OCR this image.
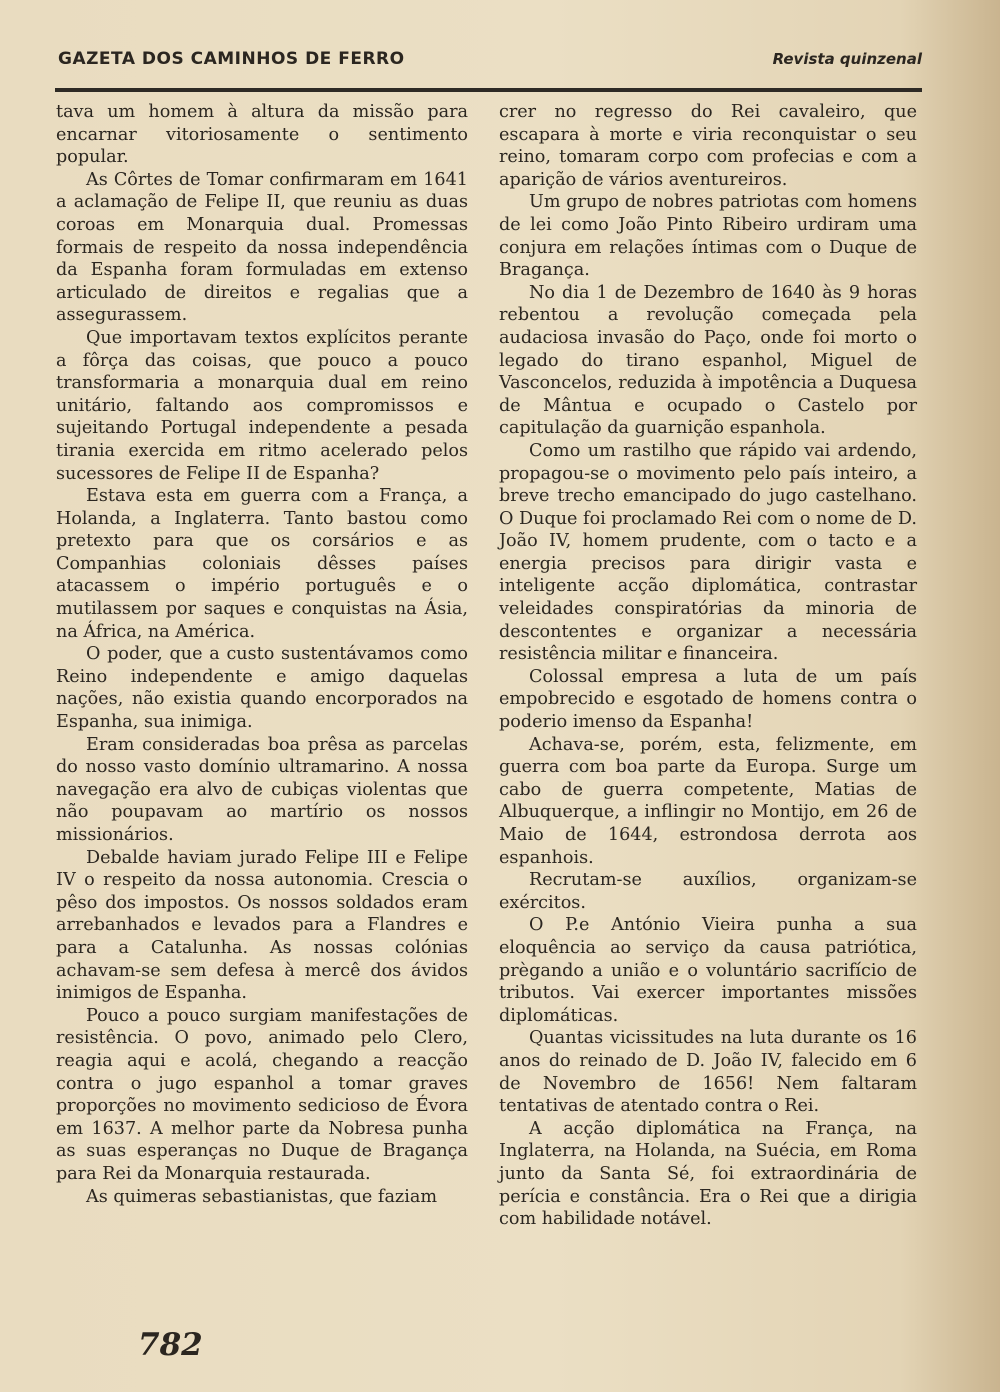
GAZETA DOS CAMINHOS DE FERRO	Revista quinzenal

tava um homem à altura da missão para encarnar vitoriosamente o sentimento popular.

As Côrtes de Tomar confirmaram em 1641 a aclamação de Felipe II, que reuniu as duas coroas em Monarquia dual. Promessas formais de respeito da nossa independência da Espanha foram formuladas em extenso articulado de direitos e regalias que a assegurassem.

Que importavam textos explícitos perante a fôrça das coisas, que pouco a pouco transformaria a monarquia dual em reino unitário, faltando aos compromissos e sujeitando Portugal independente a pesada tirania exercida em ritmo acelerado pelos sucessores de Felipe II de Espanha?

Estava esta em guerra com a França, a Holanda, a Inglaterra. Tanto bastou como pretexto para que os corsários e as Companhias coloniais dêsses países atacassem o império português e o mutilassem por saques e conquistas na Ásia, na África, na América.

O poder, que a custo sustentávamos como Reino independente e amigo daquelas nações, não existia quando encorporados na Espanha, sua inimiga.

Eram consideradas boa prêsa as parcelas do nosso vasto domínio ultramarino. A nossa navegação era alvo de cubiças violentas que não poupavam ao martírio os nossos missionários.

Debalde haviam jurado Felipe III e Felipe IV o respeito da nossa autonomia. Crescia o pêso dos impostos. Os nossos soldados eram arrebanhados e levados para a Flandres e para a Catalunha. As nossas colónias achavam-se sem defesa à mercê dos ávidos inimigos de Espanha.

Pouco a pouco surgiam manifestações de resistência. O povo, animado pelo Clero, reagia aqui e acolá, chegando a reacção contra o jugo espanhol a tomar graves proporções no movimento sedicioso de Évora em 1637. A melhor parte da Nobresa punha as suas esperanças no Duque de Bragança para Rei da Monarquia restaurada.

As quimeras sebastianistas, que faziam

crer no regresso do Rei cavaleiro, que escapara à morte e viria reconquistar o seu reino, tomaram corpo com profecias e com a aparição de vários aventureiros.

Um grupo de nobres patriotas com homens de lei como João Pinto Ribeiro urdiram uma conjura em relações íntimas com o Duque de Bragança.

No dia 1 de Dezembro de 1640 às 9 horas rebentou a revolução começada pela audaciosa invasão do Paço, onde foi morto o legado do tirano espanhol, Miguel de Vasconcelos, reduzida à impotência a Duquesa de Mântua e ocupado o Castelo por capitulação da guarnição espanhola.

Como um rastilho que rápido vai ardendo, propagou-se o movimento pelo país inteiro, a breve trecho emancipado do jugo castelhano. O Duque foi proclamado Rei com o nome de D. João IV, homem prudente, com o tacto e a energia precisos para dirigir vasta e inteligente acção diplomática, contrastar veleidades conspiratórias da minoria de descontentes e organizar a necessária resistência militar e financeira.

Colossal empresa a luta de um país empobrecido e esgotado de homens contra o poderio imenso da Espanha!

Achava-se, porém, esta, felizmente, em guerra com boa parte da Europa. Surge um cabo de guerra competente, Matias de Albuquerque, a inflingir no Montijo, em 26 de Maio de 1644, estrondosa derrota aos espanhois.

Recrutam-se auxílios, organizam-se exércitos.

O P.e António Vieira punha a sua eloquência ao serviço da causa patriótica, prègando a união e o voluntário sacrifício de tributos. Vai exercer importantes missões diplomáticas.

Quantas vicissitudes na luta durante os 16 anos do reinado de D. João IV, falecido em 6 de Novembro de 1656! Nem faltaram tentativas de atentado contra o Rei.

A acção diplomática na França, na Inglaterra, na Holanda, na Suécia, em Roma junto da Santa Sé, foi extraordinária de perícia e constância. Era o Rei que a dirigia com habilidade notável.

782
